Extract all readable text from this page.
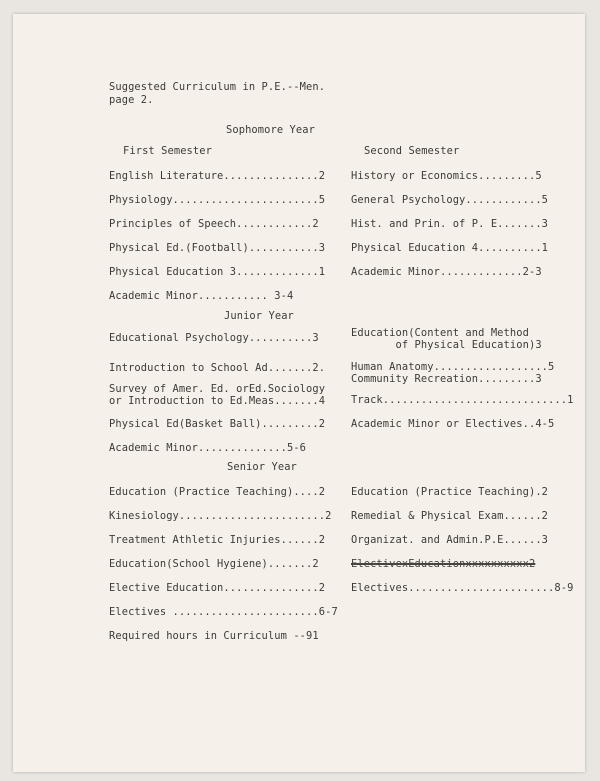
Suggested Curriculum in P.E.--Men.
page 2.
Sophomore Year
First Semester	Second Semester
English Literature...............2
Physiology.......................5
Principles of Speech............2
Physical Ed.(Football)...........3
Physical Education 3.............1
Academic Minor........... 3-4
History or Economics.........5
General Psychology............5
Hist. and Prin. of P. E.......3
Physical Education 4..........1
Academic Minor.............2-3
Junior Year
Educational Psychology..........3
Introduction to School Ad.......2.
Survey of Amer. Ed. orEd.Sociology
or Introduction to Ed.Meas.......4
Physical Ed(Basket Ball).........2
Academic Minor..............5-6
Education(Content and Method
of Physical Education)3
Human Anatomy..................5
Community Recreation.........3
Track.............................1
Academic Minor or Electives..4-5
Senior Year
Education (Practice Teaching)....2
Kinesiology.......................2
Treatment Athletic Injuries......2
Education(School Hygiene).......2
Elective Education...............2
Electives .......................6-7
Education (Practice Teaching).2
Remedial & Physical Exam......2
Organizat. and Admin.P.E......3
ElectivexEducationxxxxxxxxxx2
Electives.......................8-9
Required hours in Curriculum --91
